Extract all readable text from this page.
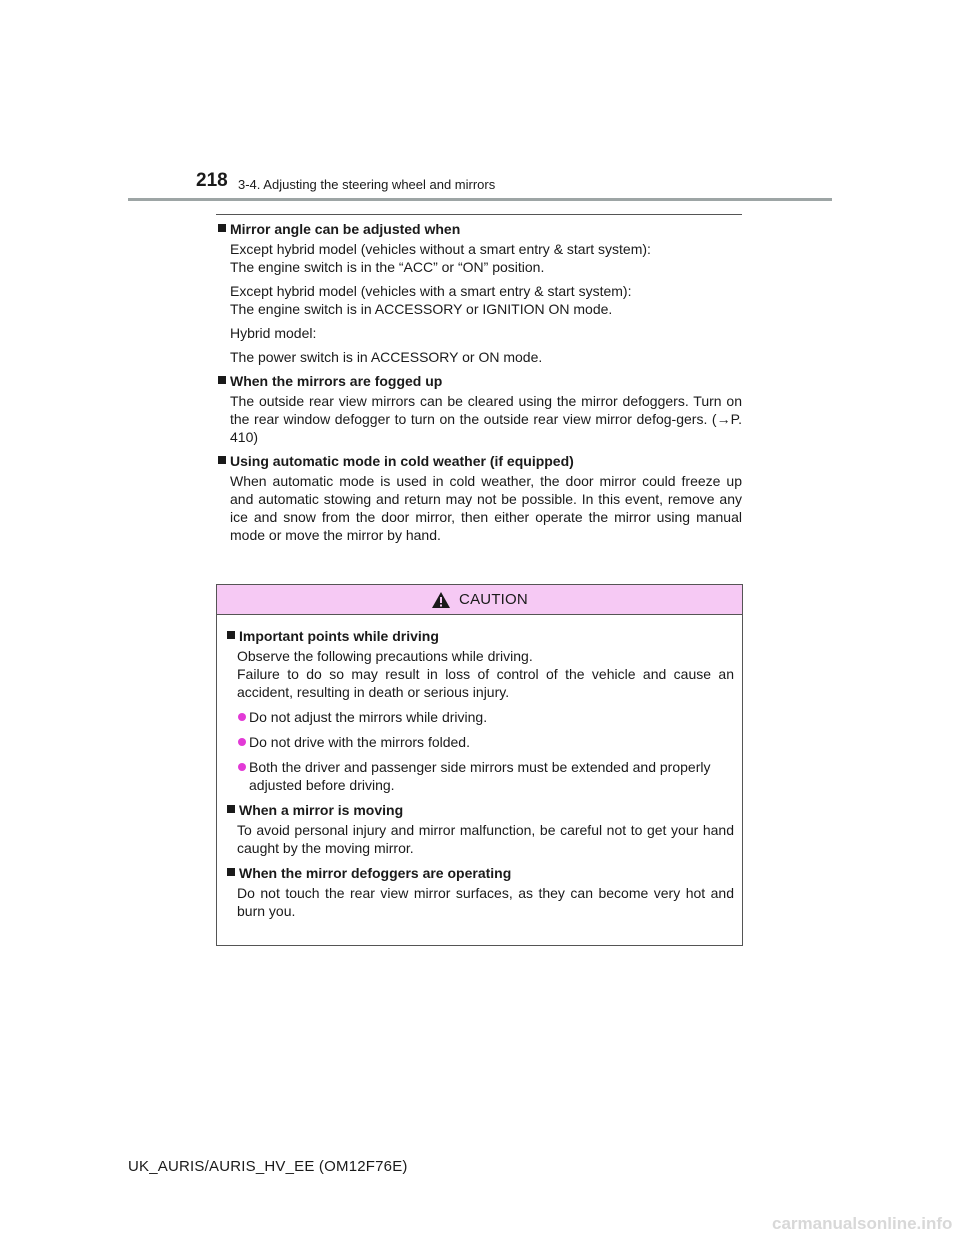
218 3-4. Adjusting the steering wheel and mirrors
Mirror angle can be adjusted when
Except hybrid model (vehicles without a smart entry & start system):
The engine switch is in the “ACC” or “ON” position.
Except hybrid model (vehicles with a smart entry & start system):
The engine switch is in ACCESSORY or IGNITION ON mode.
Hybrid model:
The power switch is in ACCESSORY or ON mode.
When the mirrors are fogged up
The outside rear view mirrors can be cleared using the mirror defoggers. Turn on the rear window defogger to turn on the outside rear view mirror defog-gers. (→P. 410)
Using automatic mode in cold weather (if equipped)
When automatic mode is used in cold weather, the door mirror could freeze up and automatic stowing and return may not be possible. In this event, remove any ice and snow from the door mirror, then either operate the mirror using manual mode or move the mirror by hand.
CAUTION
Important points while driving
Observe the following precautions while driving.
Failure to do so may result in loss of control of the vehicle and cause an accident, resulting in death or serious injury.
Do not adjust the mirrors while driving.
Do not drive with the mirrors folded.
Both the driver and passenger side mirrors must be extended and properly adjusted before driving.
When a mirror is moving
To avoid personal injury and mirror malfunction, be careful not to get your hand caught by the moving mirror.
When the mirror defoggers are operating
Do not touch the rear view mirror surfaces, as they can become very hot and burn you.
UK_AURIS/AURIS_HV_EE (OM12F76E)
carmanualsonline.info
